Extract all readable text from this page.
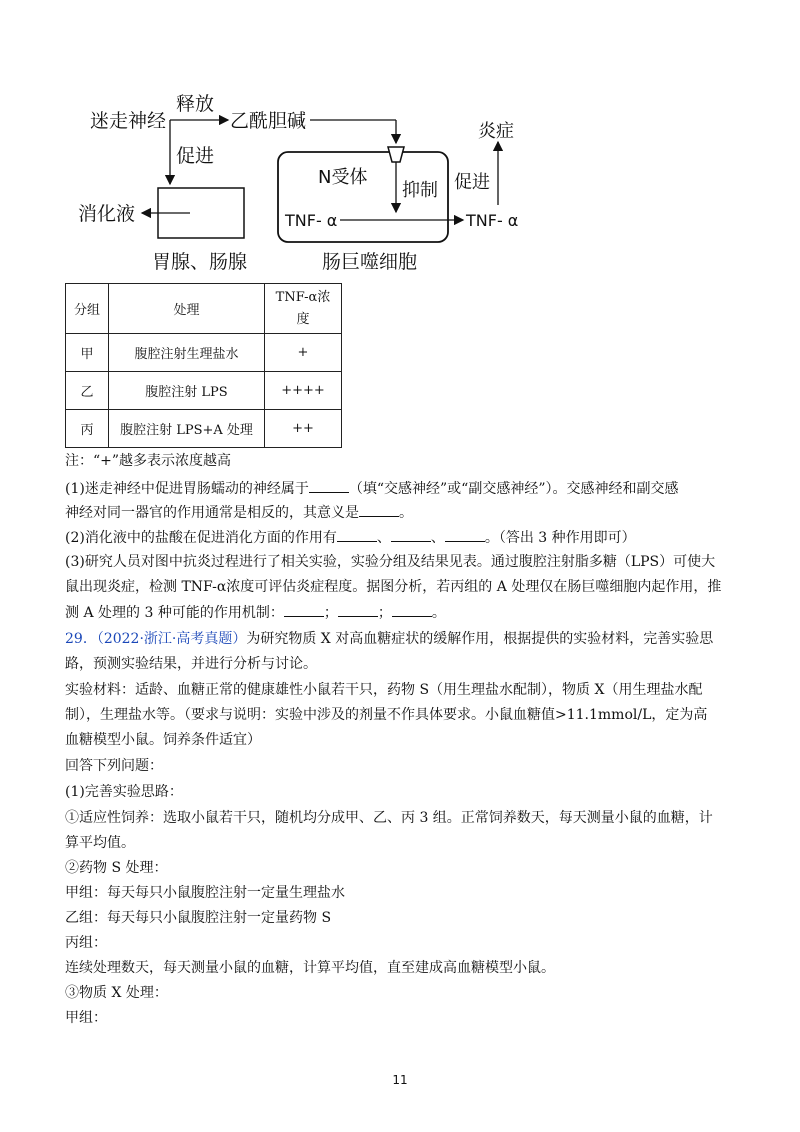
迷走神经
释放
乙酰胆碱
促进
消化液
胃腺、肠腺
N受体
抑制
TNF- α	TNF- α
促进
炎症
肠巨噬细胞
分组	处理	TNF-α浓
度
甲	腹腔注射生理盐水	+
乙	腹腔注射 LPS	++++
丙	腹腔注射 LPS+A 处理	++
注：“+”越多表示浓度越高
(1)迷走神经中促进胃肠蠕动的神经属于	（填“交感神经”或“副交感神经”）。交感神经和副交感
神经对同一器官的作用通常是相反的，其意义是	。
(2)消化液中的盐酸在促进消化方面的作用有	、	、	。（答出 3 种作用即可）
(3)研究人员对图中抗炎过程进行了相关实验，实验分组及结果见表。通过腹腔注射脂多糖（LPS）可使大
鼠出现炎症，检测 TNF-α浓度可评估炎症程度。据图分析，若丙组的 A 处理仅在肠巨噬细胞内起作用，推
测 A 处理的 3 种可能的作用机制：	；	；	。
29．（2022·浙江·高考真题）为研究物质 X 对高血糖症状的缓解作用，根据提供的实验材料，完善实验思
路，预测实验结果，并进行分析与讨论。
实验材料：适龄、血糖正常的健康雄性小鼠若干只，药物 S（用生理盐水配制），物质 X（用生理盐水配
制），生理盐水等。（要求与说明：实验中涉及的剂量不作具体要求。小鼠血糖值>11.1mmol/L，定为高
血糖模型小鼠。饲养条件适宜）
回答下列问题：
(1)完善实验思路：
①适应性饲养：选取小鼠若干只，随机均分成甲、乙、丙 3 组。正常饲养数天，每天测量小鼠的血糖，计
算平均值。
②药物 S 处理：
甲组：每天每只小鼠腹腔注射一定量生理盐水
乙组：每天每只小鼠腹腔注射一定量药物 S
丙组：
连续处理数天，每天测量小鼠的血糖，计算平均值，直至建成高血糖模型小鼠。
③物质 X 处理：
甲组：
11
